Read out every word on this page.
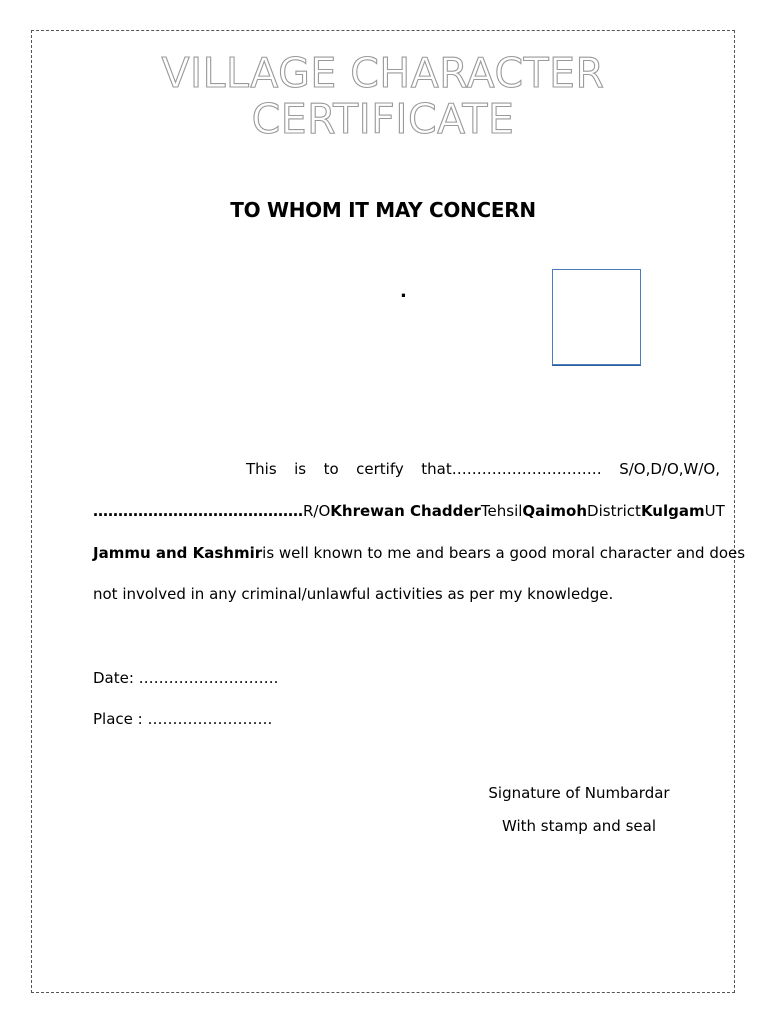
VILLAGE CHARACTER
CERTIFICATE
TO WHOM IT MAY CONCERN
.
This is to certify that………………………… S/O,D/O,W/O,
……………………………………R/O Khrewan Chadder Tehsil Qaimoh District Kulgam UT
Jammu and Kashmir is well known to me and bears a good moral character and does
not involved in any criminal/unlawful activities as per my knowledge.
Date: ……………………….
Place : …………………….
Signature of Numbardar
With stamp and seal
